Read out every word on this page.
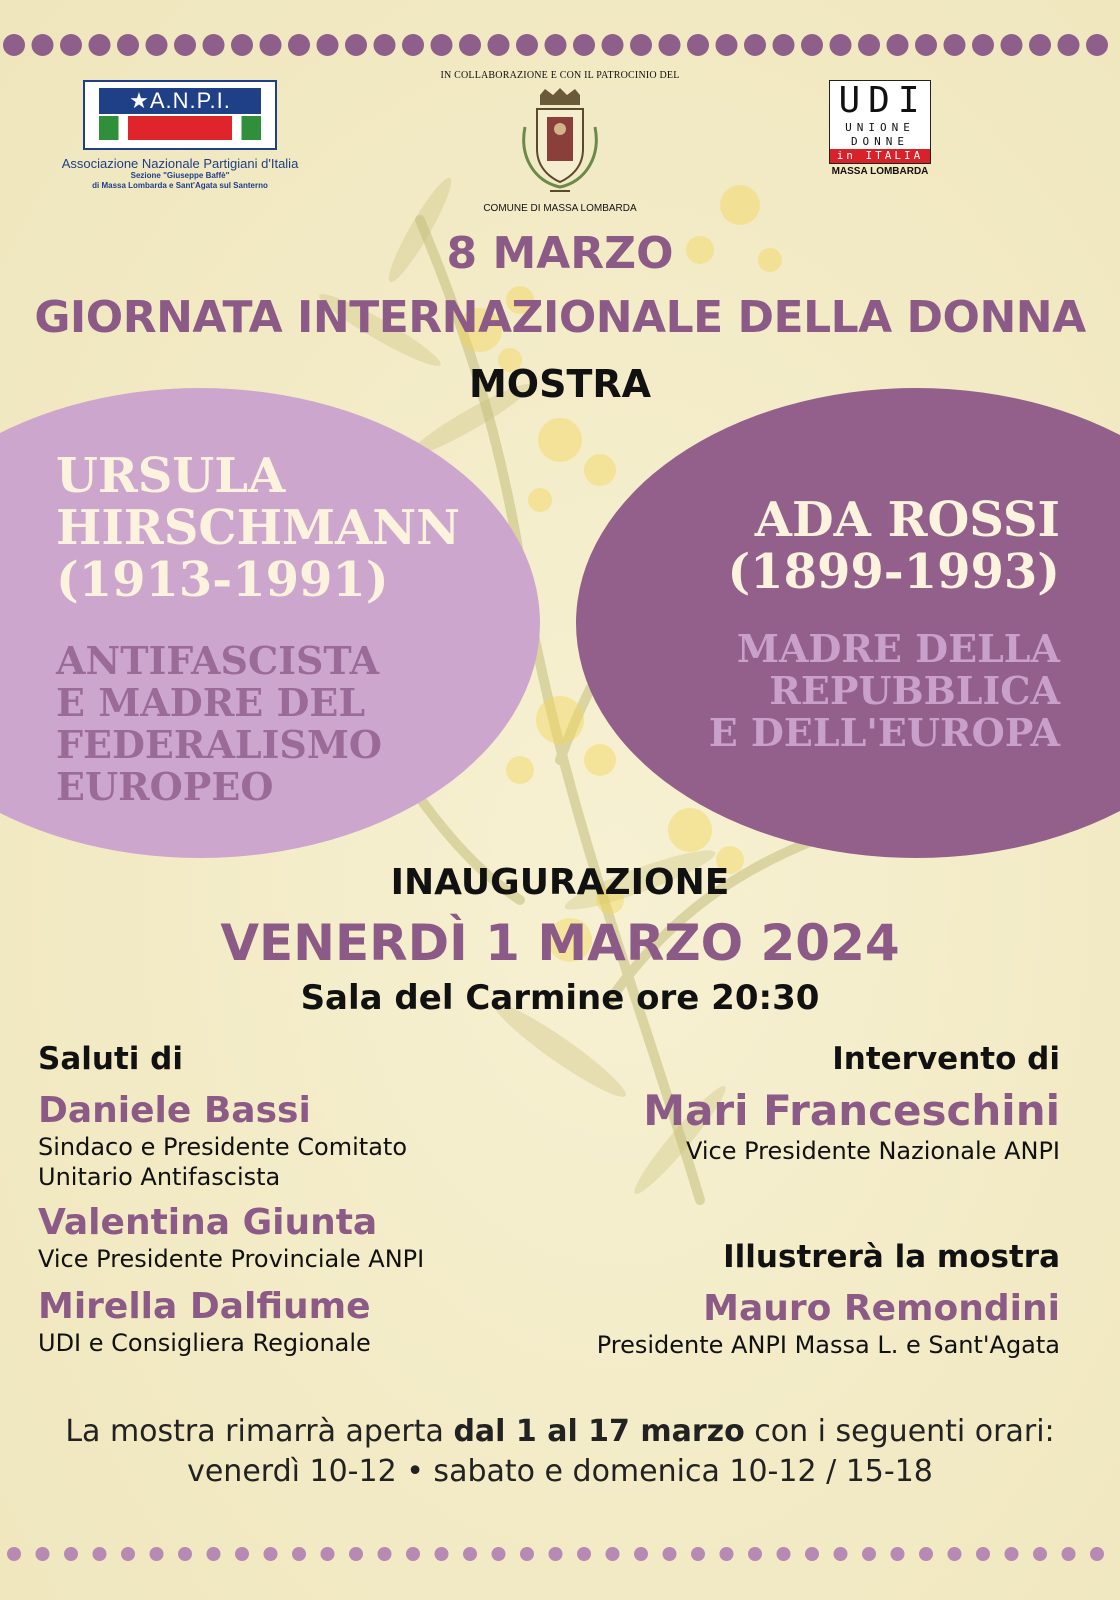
★A.N.P.I.
Associazione Nazionale Partigiani d'Italia
Sezione "Giuseppe Baffè"
di Massa Lombarda e Sant'Agata sul Santerno
IN COLLABORAZIONE E CON IL PATROCINIO DEL
COMUNE DI MASSA LOMBARDA
UDI
UNIONE
DONNE
in ITALIA
MASSA LOMBARDA
8 MARZO
GIORNATA INTERNAZIONALE DELLA DONNA
MOSTRA
URSULA
HIRSCHMANN
(1913-1991)
ANTIFASCISTA
E MADRE DEL
FEDERALISMO
EUROPEO
ADA ROSSI
(1899-1993)
MADRE DELLA
REPUBBLICA
E DELL'EUROPA
INAUGURAZIONE
VENERDÌ 1 MARZO 2024
Sala del Carmine ore 20:30
Saluti di
Daniele Bassi
Sindaco e Presidente Comitato
Unitario Antifascista
Valentina Giunta
Vice Presidente Provinciale ANPI
Mirella Dalfiume
UDI e Consigliera Regionale
Intervento di
Mari Franceschini
Vice Presidente Nazionale ANPI
Illustrerà la mostra
Mauro Remondini
Presidente ANPI Massa L. e Sant'Agata
La mostra rimarrà aperta dal 1 al 17 marzo con i seguenti orari:
venerdì 10-12 • sabato e domenica 10-12 / 15-18
